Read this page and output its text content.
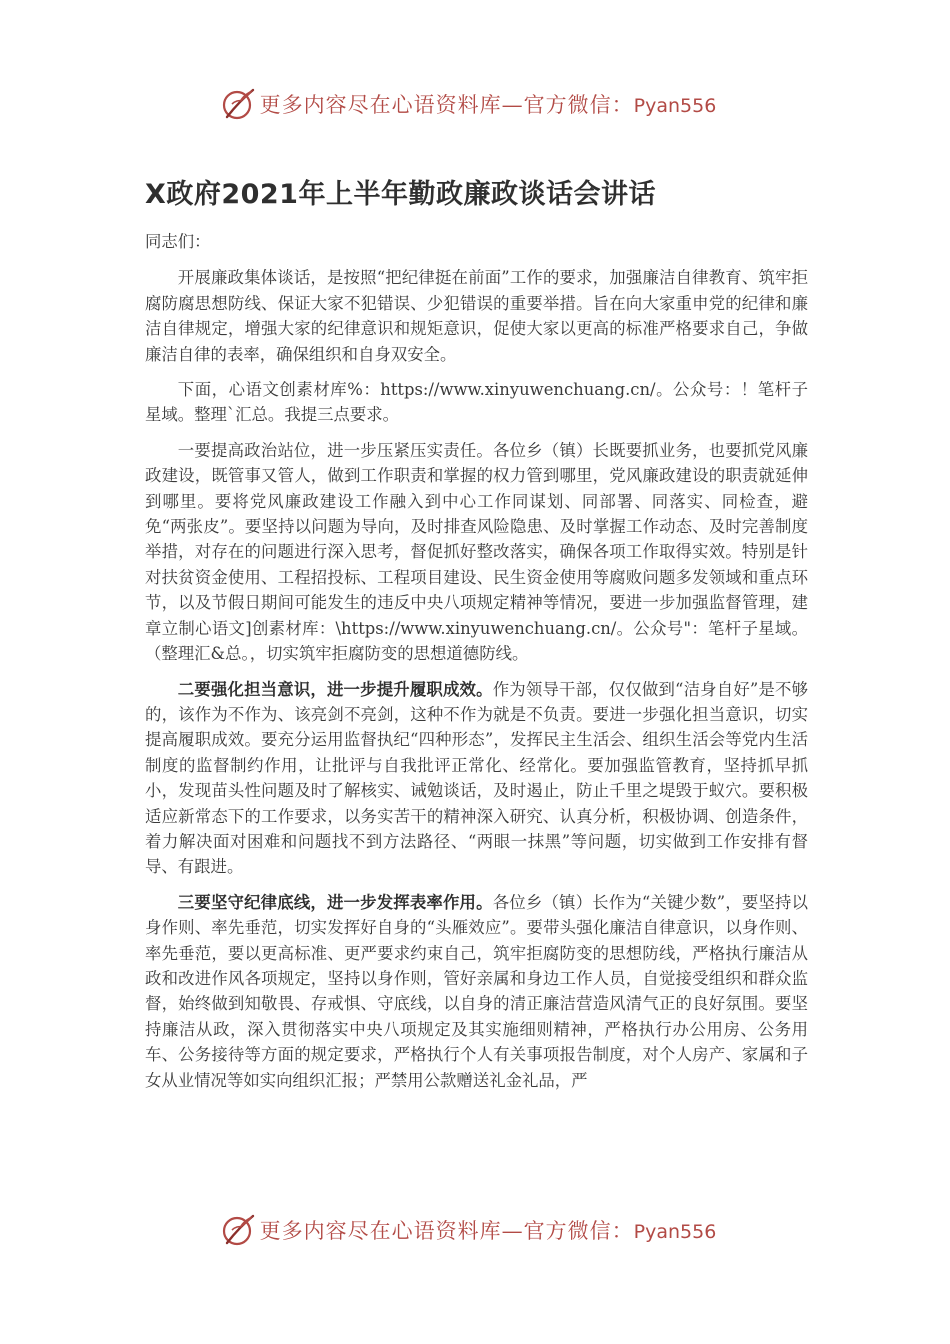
更多内容尽在心语资料库—官方微信：Pyan556
X政府2021年上半年勤政廉政谈话会讲话

同志们：

开展廉政集体谈话，是按照“把纪律挺在前面”工作的要求，加强廉洁自律教育、筑牢拒腐防腐思想防线、保证大家不犯错误、少犯错误的重要举措。旨在向大家重申党的纪律和廉洁自律规定，增强大家的纪律意识和规矩意识，促使大家以更高的标准严格要求自己，争做廉洁自律的表率，确保组织和自身双安全。

下面，心语文创素材库%：https://www.xinyuwenchuang.cn/。公众号：！笔杆子星域。整理`汇总。我提三点要求。

一要提高政治站位，进一步压紧压实责任。各位乡（镇）长既要抓业务，也要抓党风廉政建设，既管事又管人，做到工作职责和掌握的权力管到哪里，党风廉政建设的职责就延伸到哪里。要将党风廉政建设工作融入到中心工作同谋划、同部署、同落实、同检查，避免“两张皮”。要坚持以问题为导向，及时排查风险隐患、及时掌握工作动态、及时完善制度举措，对存在的问题进行深入思考，督促抓好整改落实，确保各项工作取得实效。特别是针对扶贫资金使用、工程招投标、工程项目建设、民生资金使用等腐败问题多发领域和重点环节，以及节假日期间可能发生的违反中央八项规定精神等情况，要进一步加强监督管理，建章立制心语文]创素材库：\https://www.xinyuwenchuang.cn/。公众号"：笔杆子星域。（整理汇&总。，切实筑牢拒腐防变的思想道德防线。

二要强化担当意识，进一步提升履职成效。作为领导干部，仅仅做到“洁身自好”是不够的，该作为不作为、该亮剑不亮剑，这种不作为就是不负责。要进一步强化担当意识，切实提高履职成效。要充分运用监督执纪“四种形态”，发挥民主生活会、组织生活会等党内生活制度的监督制约作用，让批评与自我批评正常化、经常化。要加强监管教育，坚持抓早抓小，发现苗头性问题及时了解核实、诫勉谈话，及时遏止，防止千里之堤毁于蚁穴。要积极适应新常态下的工作要求，以务实苦干的精神深入研究、认真分析，积极协调、创造条件，着力解决面对困难和问题找不到方法路径、“两眼一抹黑”等问题，切实做到工作安排有督导、有跟进。

三要坚守纪律底线，进一步发挥表率作用。各位乡（镇）长作为“关键少数”，要坚持以身作则、率先垂范，切实发挥好自身的“头雁效应”。要带头强化廉洁自律意识，以身作则、率先垂范，要以更高标准、更严要求约束自己，筑牢拒腐防变的思想防线，严格执行廉洁从政和改进作风各项规定，坚持以身作则，管好亲属和身边工作人员，自觉接受组织和群众监督，始终做到知敬畏、存戒惧、守底线，以自身的清正廉洁营造风清气正的良好氛围。要坚持廉洁从政，深入贯彻落实中央八项规定及其实施细则精神，严格执行办公用房、公务用车、公务接待等方面的规定要求，严格执行个人有关事项报告制度，对个人房产、家属和子女从业情况等如实向组织汇报；严禁用公款赠送礼金礼品，严

更多内容尽在心语资料库—官方微信：Pyan556
